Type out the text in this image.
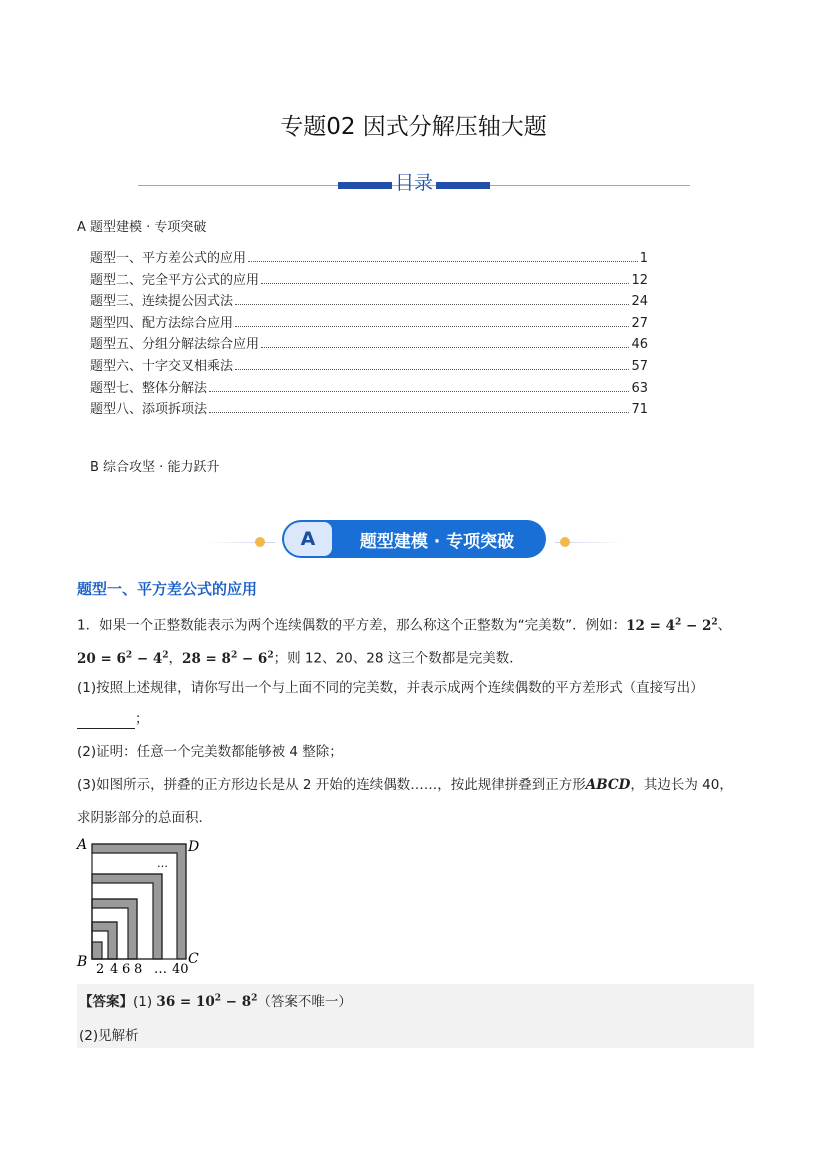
专题02 因式分解压轴大题
目录
A 题型建模 · 专项突破
题型一、平方差公式的应用	1
题型二、完全平方公式的应用	12
题型三、连续提公因式法	24
题型四、配方法综合应用	27
题型五、分组分解法综合应用	46
题型六、十字交叉相乘法	57
题型七、整体分解法	63
题型八、添项拆项法	71
B 综合攻坚 · 能力跃升
A	题型建模 · 专项突破
题型一、平方差公式的应用
1．如果一个正整数能表示为两个连续偶数的平方差，那么称这个正整数为“完美数”．例如：$12 = 4^2 - 2^2$、
$20 = 6^2 - 4^2$，$28 = 8^2 - 6^2$；则 12、20、28 这三个数都是完美数．
(1)按照上述规律，请你写出一个与上面不同的完美数，并表示成两个连续偶数的平方差形式（直接写出）
；
(2)证明：任意一个完美数都能够被 4 整除；
(3)如图所示，拼叠的正方形边长是从 2 开始的连续偶数……，按此规律拼叠到正方形ABCD，其边长为 40，
求阴影部分的总面积．
…
A	D
B	C
2 4 6 8 … 40
【答案】(1) $36 = 10^2 - 8^2$（答案不唯一）
(2)见解析
